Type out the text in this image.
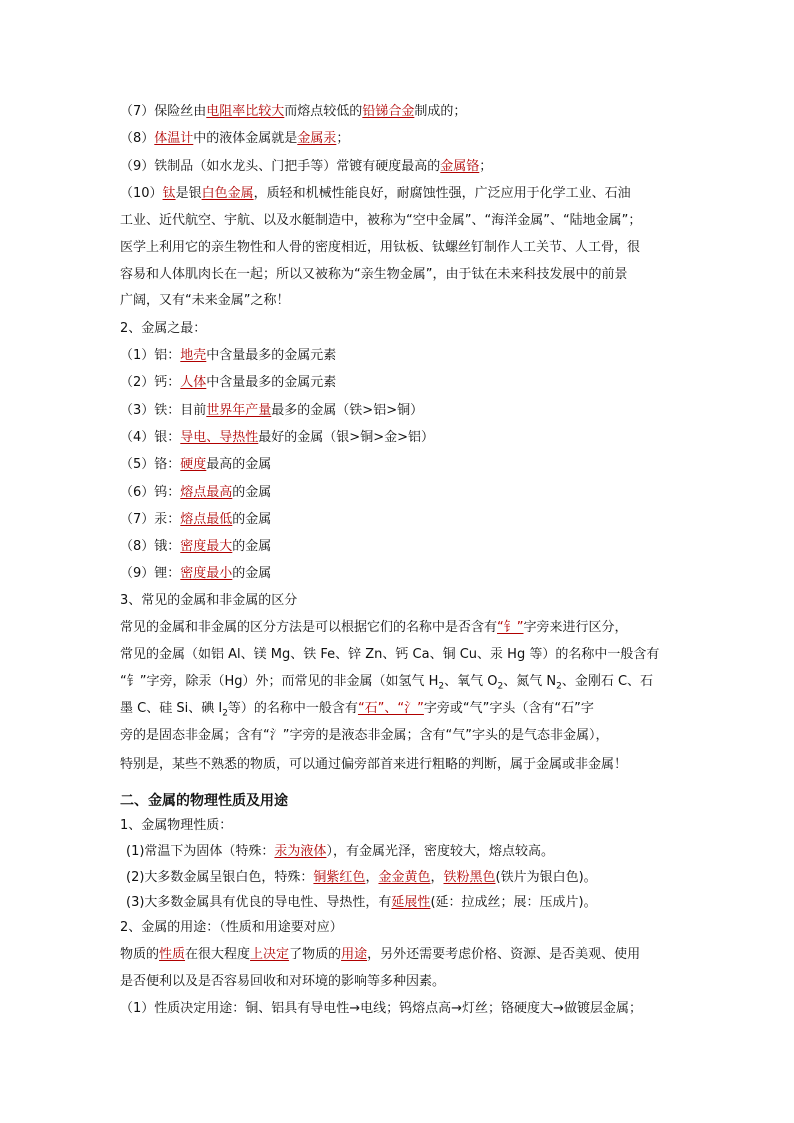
（7）保险丝由电阻率比较大而熔点较低的铅锑合金制成的；
（8）体温计中的液体金属就是金属汞；
（9）铁制品（如水龙头、门把手等）常镀有硬度最高的金属铬；
（10）钛是银白色金属，质轻和机械性能良好，耐腐蚀性强，广泛应用于化学工业、石油
工业、近代航空、宇航、以及水艇制造中，被称为“空中金属”、“海洋金属”、“陆地金属”；
医学上利用它的亲生物性和人骨的密度相近，用钛板、钛螺丝钉制作人工关节、人工骨，很
容易和人体肌肉长在一起；所以又被称为“亲生物金属”，由于钛在未来科技发展中的前景
广阔，又有“未来金属”之称！
2、金属之最：
（1）铝：地壳中含量最多的金属元素
（2）钙：人体中含量最多的金属元素
（3）铁：目前世界年产量最多的金属（铁>铝>铜）
（4）银：导电、导热性最好的金属（银>铜>金>铝）
（5）铬：硬度最高的金属
（6）钨：熔点最高的金属
（7）汞：熔点最低的金属
（8）锇：密度最大的金属
（9）锂：密度最小的金属
3、常见的金属和非金属的区分
常见的金属和非金属的区分方法是可以根据它们的名称中是否含有“钅”字旁来进行区分，
常见的金属（如铝 Al、镁 Mg、铁 Fe、锌 Zn、钙 Ca、铜 Cu、汞 Hg 等）的名称中一般含有
“钅”字旁，除汞（Hg）外；而常见的非金属（如氢气 $H_2$、氧气 $O_2$、氮气 $N_2$、金刚石 C、石
墨 C、硅 Si、碘 $I_2$等）的名称中一般含有“石”、“氵”字旁或“气”字头（含有“石”字
旁的是固态非金属；含有“氵”字旁的是液态非金属；含有“气”字头的是气态非金属），
特别是，某些不熟悉的物质，可以通过偏旁部首来进行粗略的判断，属于金属或非金属！
二、金属的物理性质及用途
1、金属物理性质：
(1)常温下为固体（特殊：汞为液体），有金属光泽，密度较大，熔点较高。
(2)大多数金属呈银白色，特殊：铜紫红色，金金黄色，铁粉黑色(铁片为银白色)。
(3)大多数金属具有优良的导电性、导热性，有延展性(延：拉成丝；展：压成片)。
2、金属的用途：（性质和用途要对应）
物质的性质在很大程度上决定了物质的用途，另外还需要考虑价格、资源、是否美观、使用
是否便利以及是否容易回收和对环境的影响等多种因素。
（1）性质决定用途：铜、铝具有导电性→电线；钨熔点高→灯丝；铬硬度大→做镀层金属；
